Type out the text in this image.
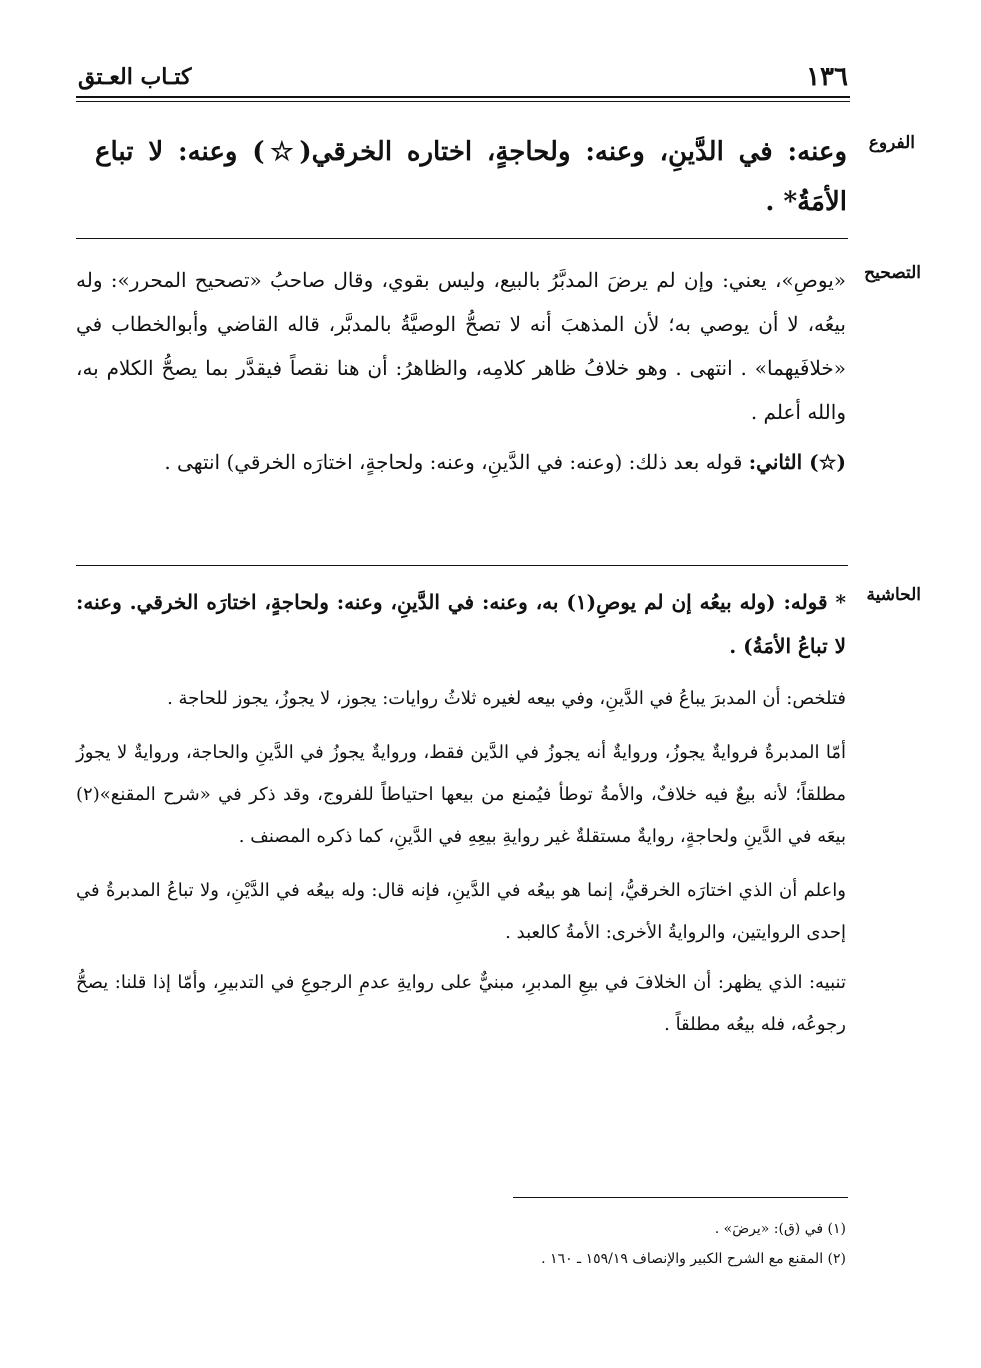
١٣٦
كتـاب العـتق
الفروع
وعنه: في الدَّينِ، وعنه: ولحاجةٍ، اختاره الخرقي(☆) وعنه: لا تباع الأمَةُ* .
التصحيح
«يوصِ»، يعني: وإن لم يرضَ المدبَّرُ بالبيع، وليس بقوي، وقال صاحبُ «تصحيح المحرر»: وله بيعُه، لا أن يوصي به؛ لأن المذهبَ أنه لا تصحُّ الوصيَّةُ بالمدبَّر، قاله القاضي وأبوالخطاب في «خلافَيهما» . انتهى . وهو خلافُ ظاهر كلامِه، والظاهرُ: أن هنا نقصاً فيقدَّر بما يصحُّ الكلام به، والله أعلم .
(☆) الثاني: قوله بعد ذلك: (وعنه: في الدَّينِ، وعنه: ولحاجةٍ، اختارَه الخرقي) انتهى .
الحاشية
* قوله: (وله بيعُه إن لم يوصِ(١) به، وعنه: في الدَّينِ، وعنه: ولحاجةٍ، اختارَه الخرقي. وعنه: لا تباعُ الأمَةُ) .
فتلخص: أن المدبرَ يباعُ في الدَّينِ، وفي بيعه لغيره ثلاثُ روايات: يجوز، لا يجوزُ، يجوز للحاجة .
أمّا المدبرةُ فروايةٌ يجوزُ، وروايةٌ أنه يجوزُ في الدَّين فقط، وروايةٌ يجوزُ في الدَّينِ والحاجة، وروايةٌ لا يجوزُ مطلقاً؛ لأنه بيعٌ فيه خلافٌ، والأمةُ توطأ فيُمنع من بيعها احتياطاً للفروج، وقد ذكر في «شرح المقنع»(٢) بيعَه في الدَّينِ ولحاجةٍ، روايةٌ مستقلةٌ غير روايةِ بيعِهِ في الدَّينِ، كما ذكره المصنف .
واعلم أن الذي اختارَه الخرقيُّ، إنما هو بيعُه في الدَّينِ، فإنه قال: وله بيعُه في الدَّيْنِ، ولا تباعُ المدبرةُ في إحدى الروايتين، والروايةُ الأخرى: الأمةُ كالعبد .
تنبيه: الذي يظهر: أن الخلافَ في بيعِ المدبرِ، مبنيٌّ على روايةِ عدمِ الرجوعِ في التدبيرِ، وأمّا إذا قلنا: يصحُّ رجوعُه، فله بيعُه مطلقاً .
(١) في (ق): «يرضَ» .
(٢) المقنع مع الشرح الكبير والإنصاف ١٥٩/١٩ ـ ١٦٠ .
